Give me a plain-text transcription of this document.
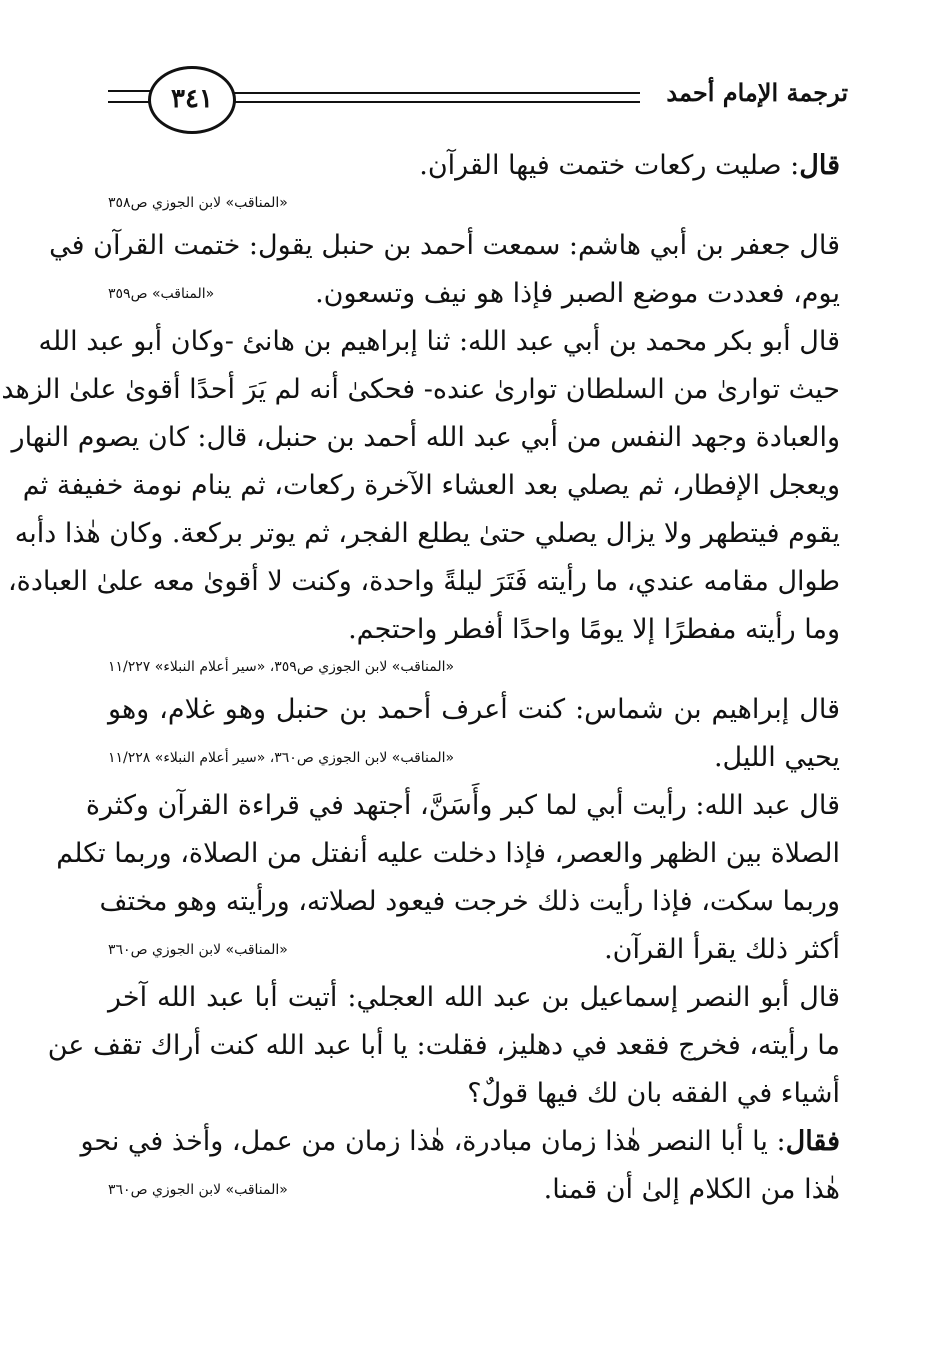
ترجمة الإمام أحمد
٣٤١
قال: صليت ركعات ختمت فيها القرآن.
«المناقب» لابن الجوزي ص٣٥٨
قال جعفر بن أبي هاشم: سمعت أحمد بن حنبل يقول: ختمت القرآن في
يوم، فعددت موضع الصبر فإذا هو نيف وتسعون.
«المناقب» ص٣٥٩
قال أبو بكر محمد بن أبي عبد الله: ثنا إبراهيم بن هانئ -وكان أبو عبد الله
حيث تواریٰ من السلطان تواریٰ عنده- فحكیٰ أنه لم یَرَ أحدًا أقویٰ علیٰ الزهد
والعبادة وجهد النفس من أبي عبد الله أحمد بن حنبل، قال: كان يصوم النهار
ويعجل الإفطار، ثم يصلي بعد العشاء الآخرة ركعات، ثم ينام نومة خفيفة ثم
يقوم فيتطهر ولا يزال يصلي حتیٰ يطلع الفجر، ثم يوتر بركعة. وكان هٰذا دأبه
طوال مقامه عندي، ما رأيته فَتَرَ ليلةً واحدة، وكنت لا أقویٰ معه علیٰ العبادة،
وما رأيته مفطرًا إلا يومًا واحدًا أفطر واحتجم.
«المناقب» لابن الجوزي ص٣٥٩، «سير أعلام النبلاء» ١١/٢٢٧
قال إبراهيم بن شماس: كنت أعرف أحمد بن حنبل وهو غلام، وهو
يحيي الليل.
«المناقب» لابن الجوزي ص٣٦٠، «سير أعلام النبلاء» ١١/٢٢٨
قال عبد الله: رأيت أبي لما كبر وأَسَنَّ، أجتهد في قراءة القرآن وكثرة
الصلاة بين الظهر والعصر، فإذا دخلت عليه أنفتل من الصلاة، وربما تكلم
وربما سكت، فإذا رأيت ذلك خرجت فيعود لصلاته، ورأيته وهو مختف
أكثر ذلك يقرأ القرآن.
«المناقب» لابن الجوزي ص٣٦٠
قال أبو النصر إسماعيل بن عبد الله العجلي: أتيت أبا عبد الله آخر
ما رأيته، فخرج فقعد في دهليز، فقلت: يا أبا عبد الله كنت أراك تقف عن
أشياء في الفقه بان لك فيها قولٌ؟
فقال: يا أبا النصر هٰذا زمان مبادرة، هٰذا زمان من عمل، وأخذ في نحو
هٰذا من الكلام إلیٰ أن قمنا.
«المناقب» لابن الجوزي ص٣٦٠
